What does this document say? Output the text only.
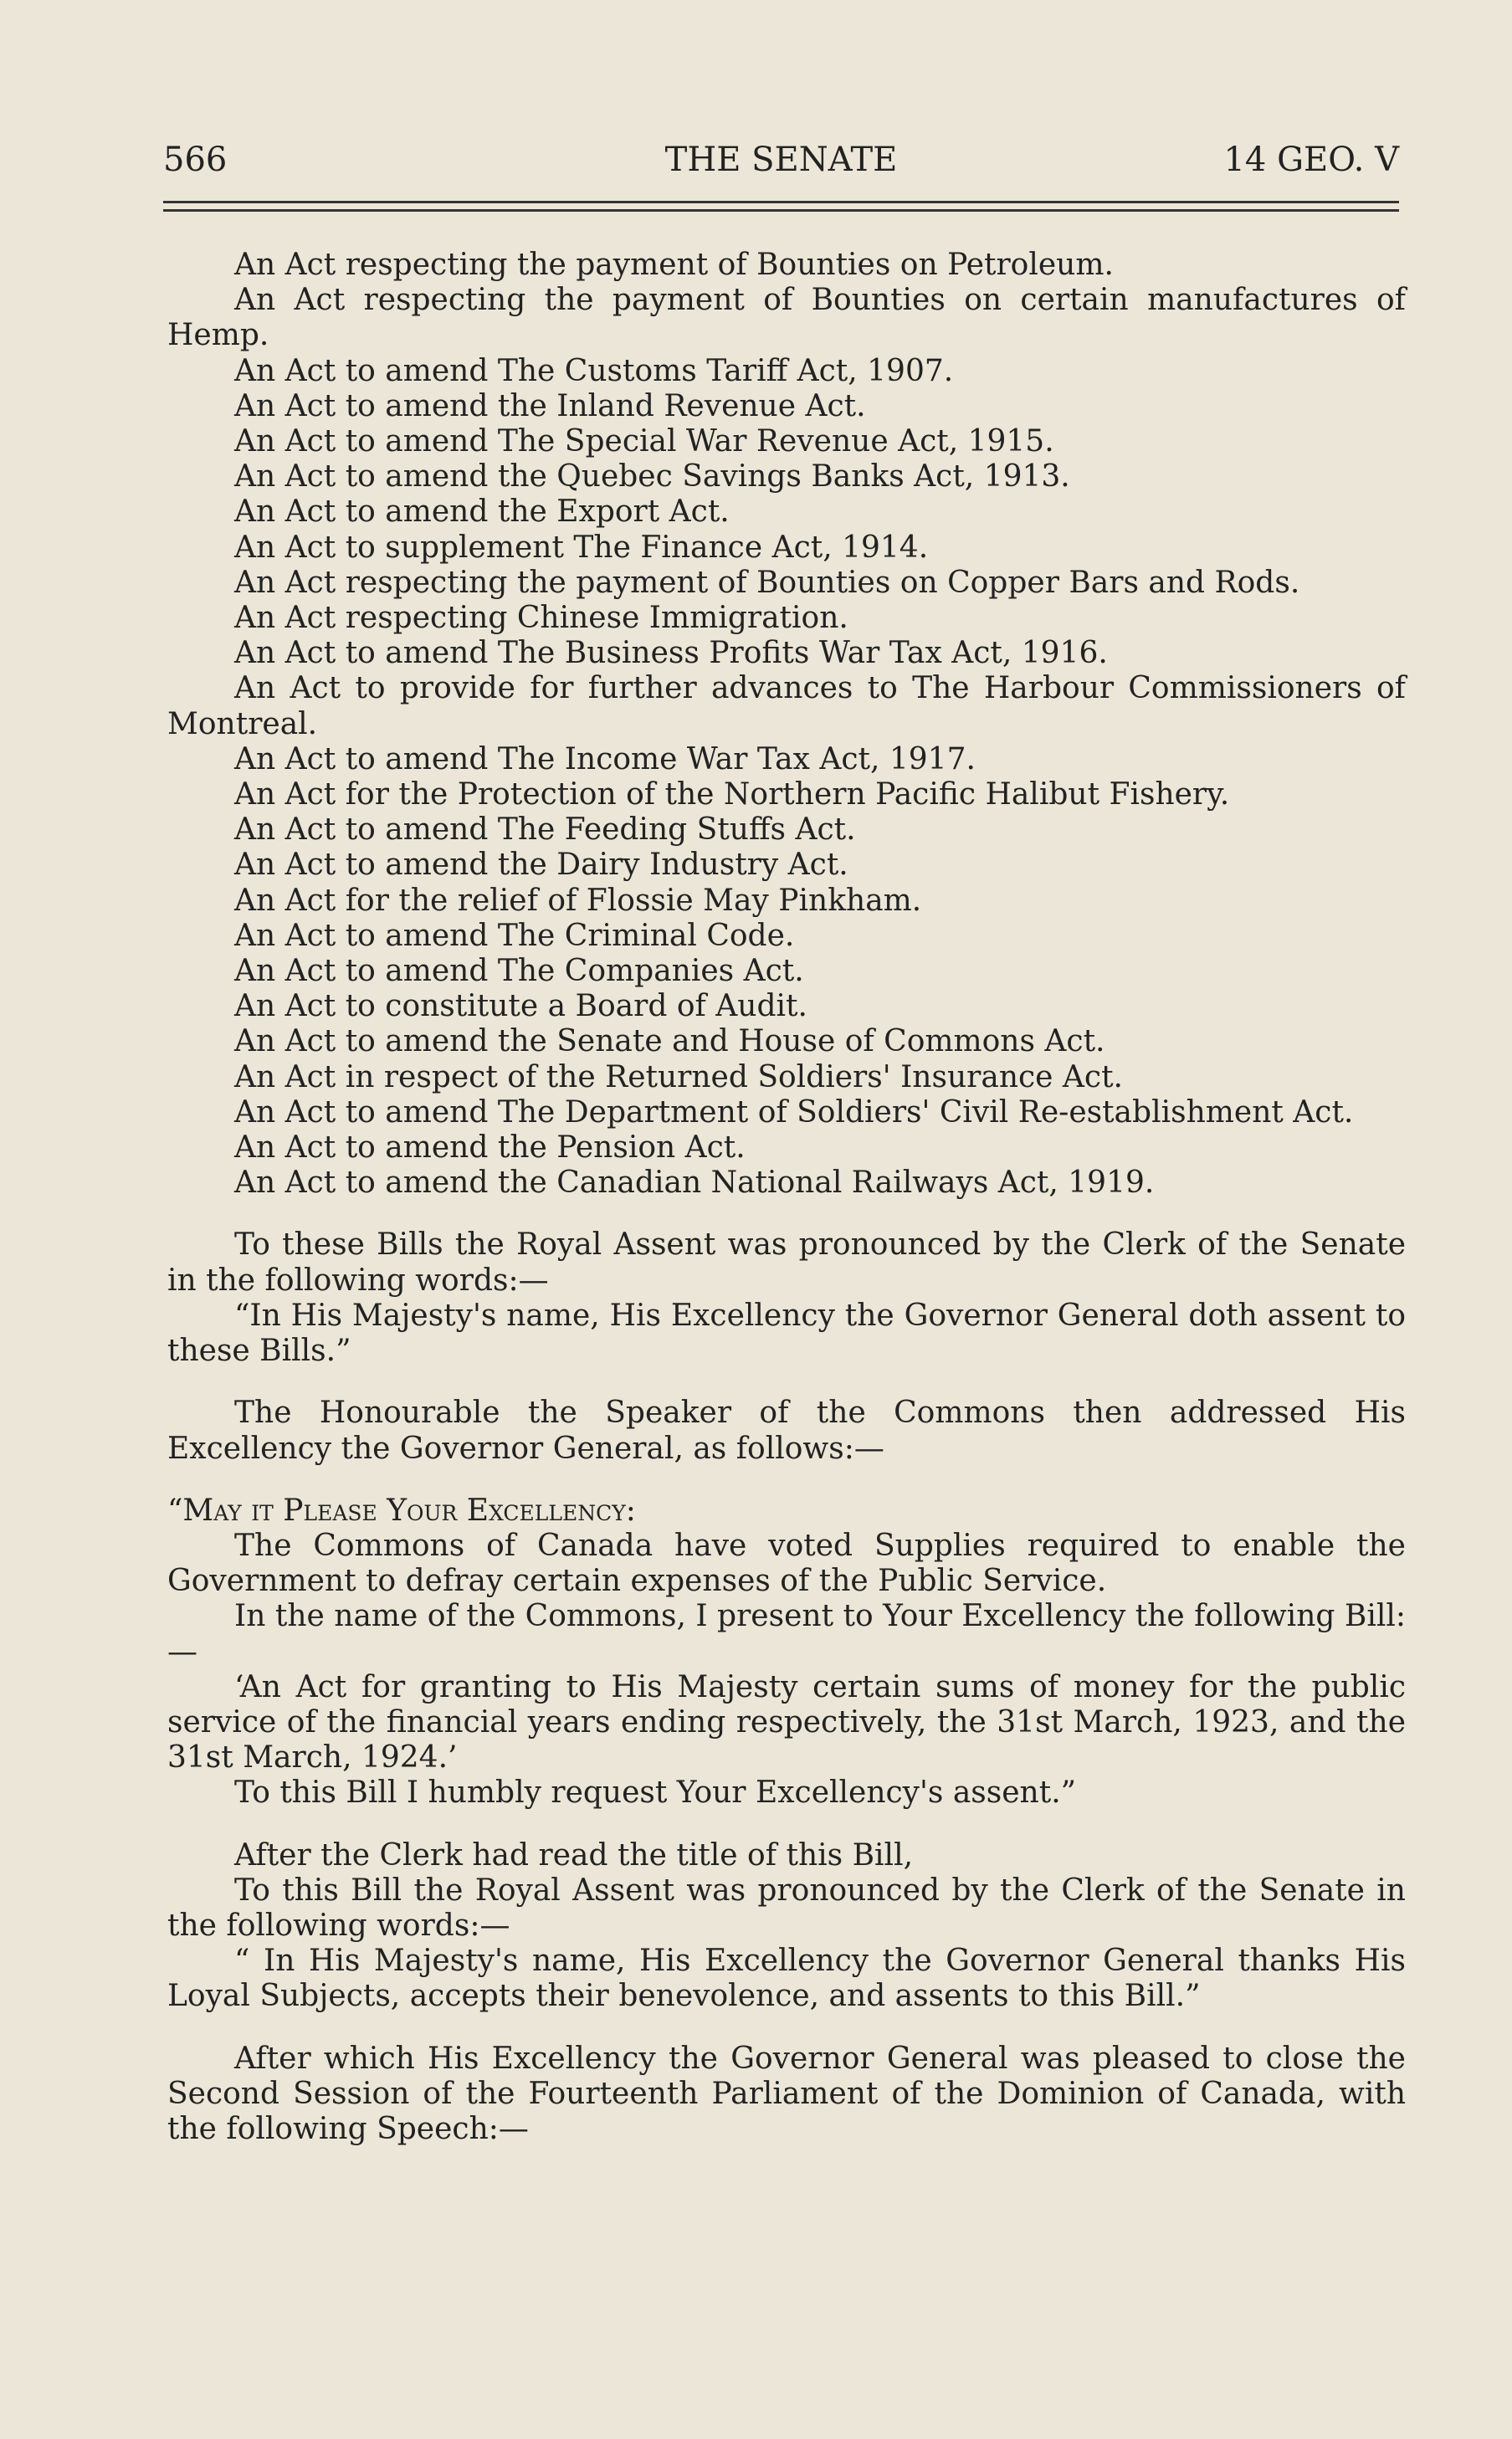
566	THE SENATE	14 GEO. V

An Act respecting the payment of Bounties on Petroleum.

An Act respecting the payment of Bounties on certain manufactures of Hemp.

An Act to amend The Customs Tariff Act, 1907.

An Act to amend the Inland Revenue Act.

An Act to amend The Special War Revenue Act, 1915.

An Act to amend the Quebec Savings Banks Act, 1913.

An Act to amend the Export Act.

An Act to supplement The Finance Act, 1914.

An Act respecting the payment of Bounties on Copper Bars and Rods.

An Act respecting Chinese Immigration.

An Act to amend The Business Profits War Tax Act, 1916.

An Act to provide for further advances to The Harbour Commissioners of Montreal.

An Act to amend The Income War Tax Act, 1917.

An Act for the Protection of the Northern Pacific Halibut Fishery.

An Act to amend The Feeding Stuffs Act.

An Act to amend the Dairy Industry Act.

An Act for the relief of Flossie May Pinkham.

An Act to amend The Criminal Code.

An Act to amend The Companies Act.

An Act to constitute a Board of Audit.

An Act to amend the Senate and House of Commons Act.

An Act in respect of the Returned Soldiers' Insurance Act.

An Act to amend The Department of Soldiers' Civil Re-establishment Act.

An Act to amend the Pension Act.

An Act to amend the Canadian National Railways Act, 1919.

To these Bills the Royal Assent was pronounced by the Clerk of the Senate in the following words:—

“In His Majesty's name, His Excellency the Governor General doth assent to these Bills.”

The Honourable the Speaker of the Commons then addressed His Excellency the Governor General, as follows:—

“May it Please Your Excellency:

The Commons of Canada have voted Supplies required to enable the Government to defray certain expenses of the Public Service.

In the name of the Commons, I present to Your Excellency the following Bill:—

‘An Act for granting to His Majesty certain sums of money for the public service of the financial years ending respectively, the 31st March, 1923, and the 31st March, 1924.’

To this Bill I humbly request Your Excellency's assent.”

After the Clerk had read the title of this Bill,

To this Bill the Royal Assent was pronounced by the Clerk of the Senate in the following words:—

“ In His Majesty's name, His Excellency the Governor General thanks His Loyal Subjects, accepts their benevolence, and assents to this Bill.”

After which His Excellency the Governor General was pleased to close the Second Session of the Fourteenth Parliament of the Dominion of Canada, with the following Speech:—
